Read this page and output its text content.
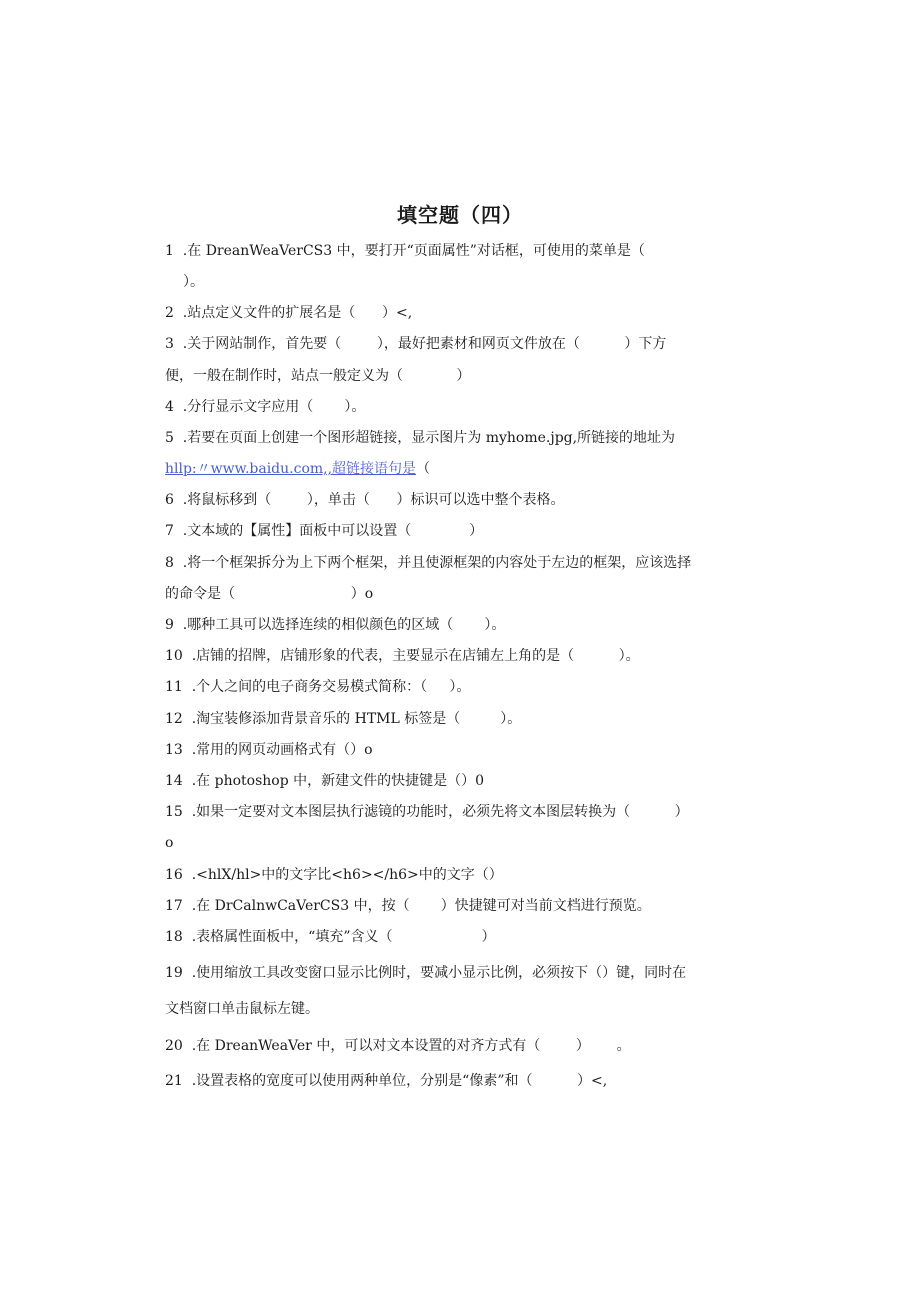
填空题（四）
1  .在 DreanWeaVerCS3 中，要打开“页面属性”对话框，可使用的菜单是（
）。
2  .站点定义文件的扩展名是（      ）<,
3  .关于网站制作，首先要（        ），最好把素材和网页文件放在（          ）下方
便，一般在制作时，站点一般定义为（            ）
4  .分行显示文字应用（       ）。
5  .若要在页面上创建一个图形超链接，显示图片为 myhome.jpg,所链接的地址为
hllp:〃www.baidu.com,,超链接语句是（
6  .将鼠标移到（        ），单击（      ）标识可以选中整个表格。
7  .文本域的【属性】面板中可以设置（             ）
8  .将一个框架拆分为上下两个框架，并且使源框架的内容处于左边的框架，应该选择
的命令是（                          ）o
9  .哪种工具可以选择连续的相似颜色的区域（       ）。
10  .店铺的招牌，店铺形象的代表，主要显示在店铺左上角的是（          ）。
11  .个人之间的电子商务交易模式简称：（     ）。
12  .淘宝装修添加背景音乐的 HTML 标签是（         ）。
13  .常用的网页动画格式有（）o
14  .在 photoshop 中，新建文件的快捷键是（）0
15  .如果一定要对文本图层执行滤镜的功能时，必须先将文本图层转换为（          ）
o
16  .<hlX/hl>中的文字比<h6></h6>中的文字（）
17  .在 DrCalnwCaVerCS3 中，按（       ）快捷键可对当前文档进行预览。
18  .表格属性面板中，“填充”含义（                    ）
19  .使用缩放工具改变窗口显示比例时，要减小显示比例，必须按下（）键，同时在
文档窗口单击鼠标左键。
20  .在 DreanWeaVer 中，可以对文本设置的对齐方式有（        ）      。
21  .设置表格的宽度可以使用两种单位，分别是“像素”和（          ）<,
